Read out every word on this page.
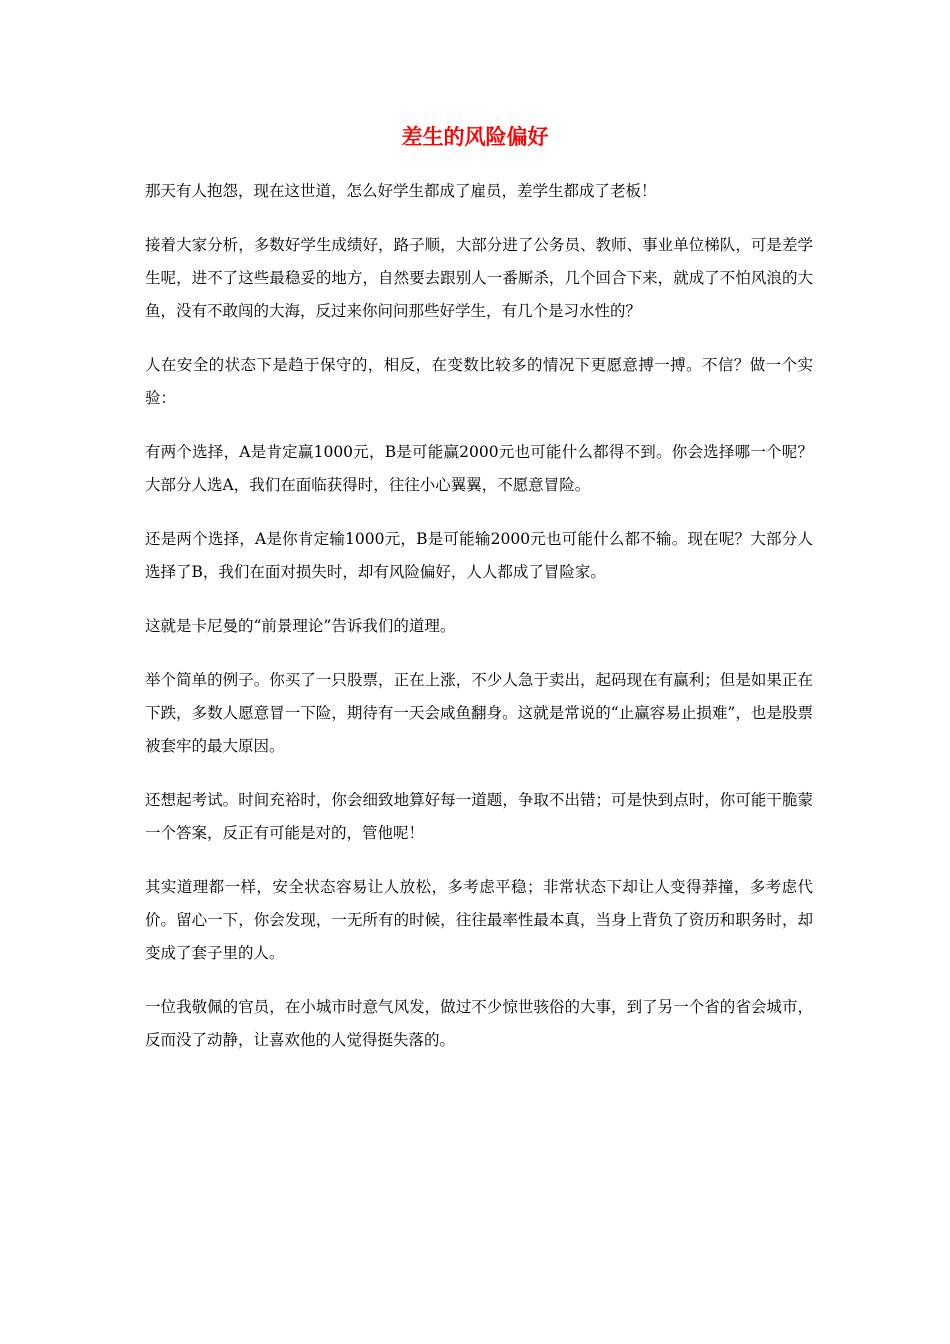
差生的风险偏好

那天有人抱怨，现在这世道，怎么好学生都成了雇员，差学生都成了老板！

接着大家分析，多数好学生成绩好，路子顺，大部分进了公务员、教师、事业单位梯队，可是差学生呢，进不了这些最稳妥的地方，自然要去跟别人一番厮杀，几个回合下来，就成了不怕风浪的大鱼，没有不敢闯的大海，反过来你问问那些好学生，有几个是习水性的？

人在安全的状态下是趋于保守的，相反，在变数比较多的情况下更愿意搏一搏。不信？做一个实验：

有两个选择，A是肯定赢1000元，B是可能赢2000元也可能什么都得不到。你会选择哪一个呢？大部分人选A，我们在面临获得时，往往小心翼翼，不愿意冒险。

还是两个选择，A是你肯定输1000元，B是可能输2000元也可能什么都不输。现在呢？大部分人选择了B，我们在面对损失时，却有风险偏好，人人都成了冒险家。

这就是卡尼曼的“前景理论”告诉我们的道理。

举个简单的例子。你买了一只股票，正在上涨，不少人急于卖出，起码现在有赢利；但是如果正在下跌，多数人愿意冒一下险，期待有一天会咸鱼翻身。这就是常说的“止赢容易止损难”，也是股票被套牢的最大原因。

还想起考试。时间充裕时，你会细致地算好每一道题，争取不出错；可是快到点时，你可能干脆蒙一个答案，反正有可能是对的，管他呢！

其实道理都一样，安全状态容易让人放松，多考虑平稳；非常状态下却让人变得莽撞，多考虑代价。留心一下，你会发现，一无所有的时候，往往最率性最本真，当身上背负了资历和职务时，却变成了套子里的人。

一位我敬佩的官员，在小城市时意气风发，做过不少惊世骇俗的大事，到了另一个省的省会城市，反而没了动静，让喜欢他的人觉得挺失落的。
